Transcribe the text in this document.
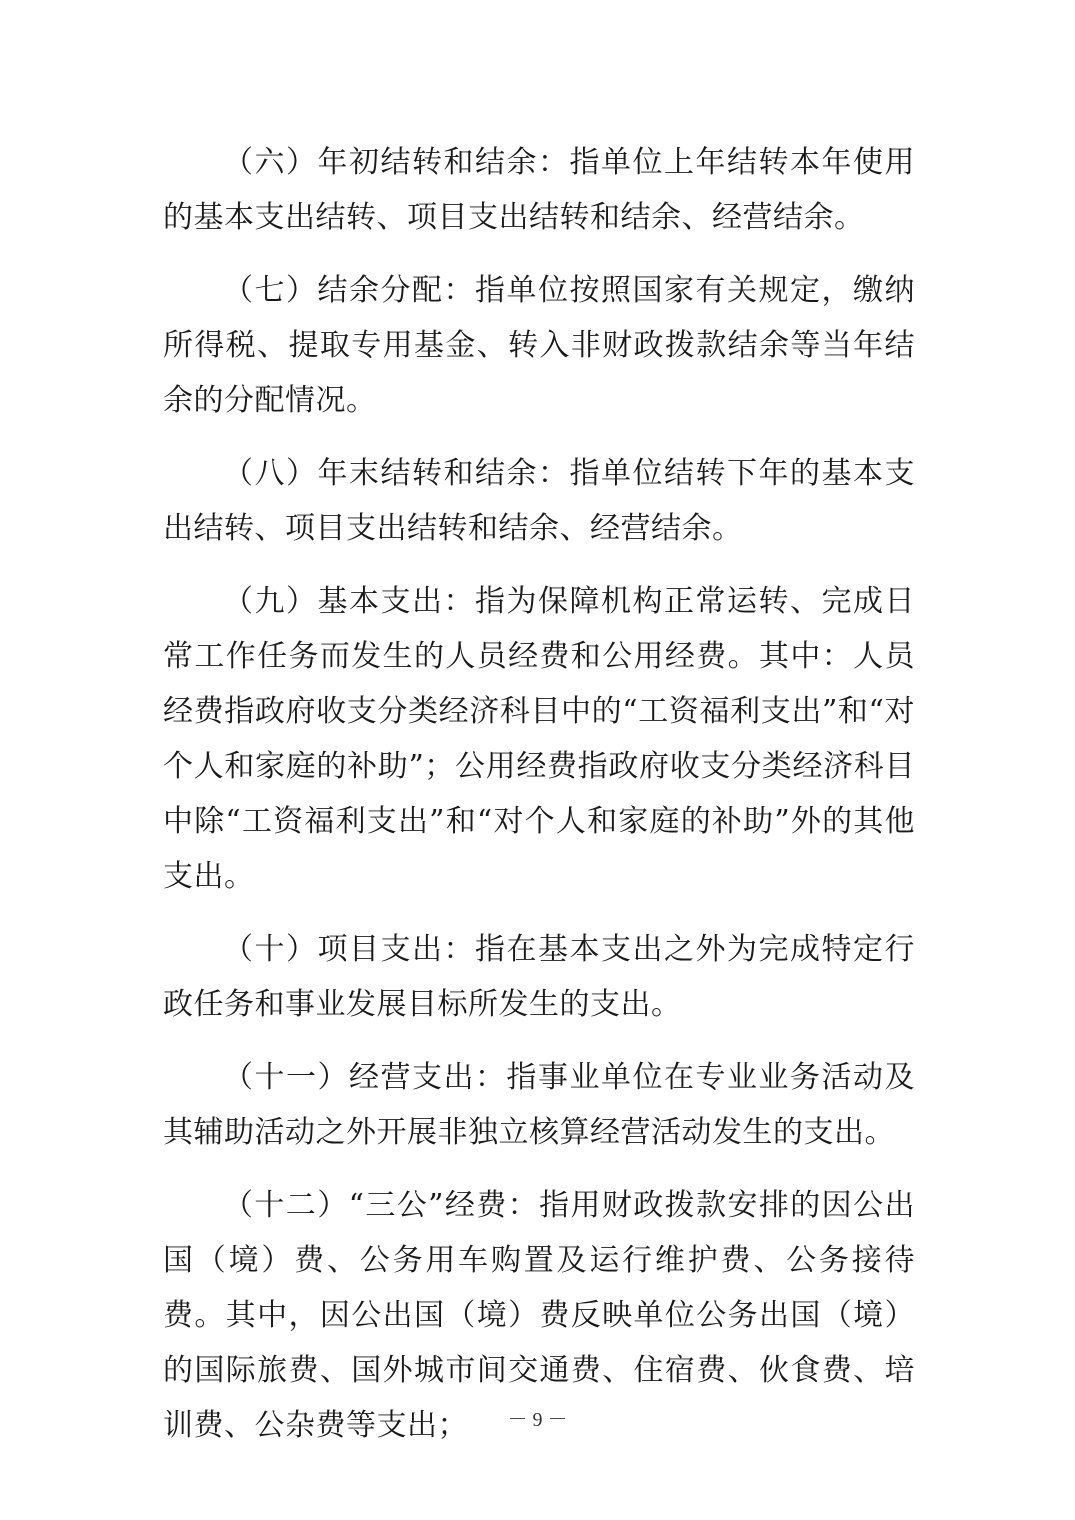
（六）年初结转和结余：指单位上年结转本年使用的基本支出结转、项目支出结转和结余、经营结余。

（七）结余分配：指单位按照国家有关规定，缴纳所得税、提取专用基金、转入非财政拨款结余等当年结余的分配情况。

（八）年末结转和结余：指单位结转下年的基本支出结转、项目支出结转和结余、经营结余。

（九）基本支出：指为保障机构正常运转、完成日常工作任务而发生的人员经费和公用经费。其中：人员经费指政府收支分类经济科目中的“工资福利支出”和“对个人和家庭的补助”；公用经费指政府收支分类经济科目中除“工资福利支出”和“对个人和家庭的补助”外的其他支出。

（十）项目支出：指在基本支出之外为完成特定行政任务和事业发展目标所发生的支出。

（十一）经营支出：指事业单位在专业业务活动及其辅助活动之外开展非独立核算经营活动发生的支出。

（十二）“三公”经费：指用财政拨款安排的因公出国（境）费、公务用车购置及运行维护费、公务接待费。其中，因公出国（境）费反映单位公务出国（境）的国际旅费、国外城市间交通费、住宿费、伙食费、培训费、公杂费等支出；	－ 9 －
